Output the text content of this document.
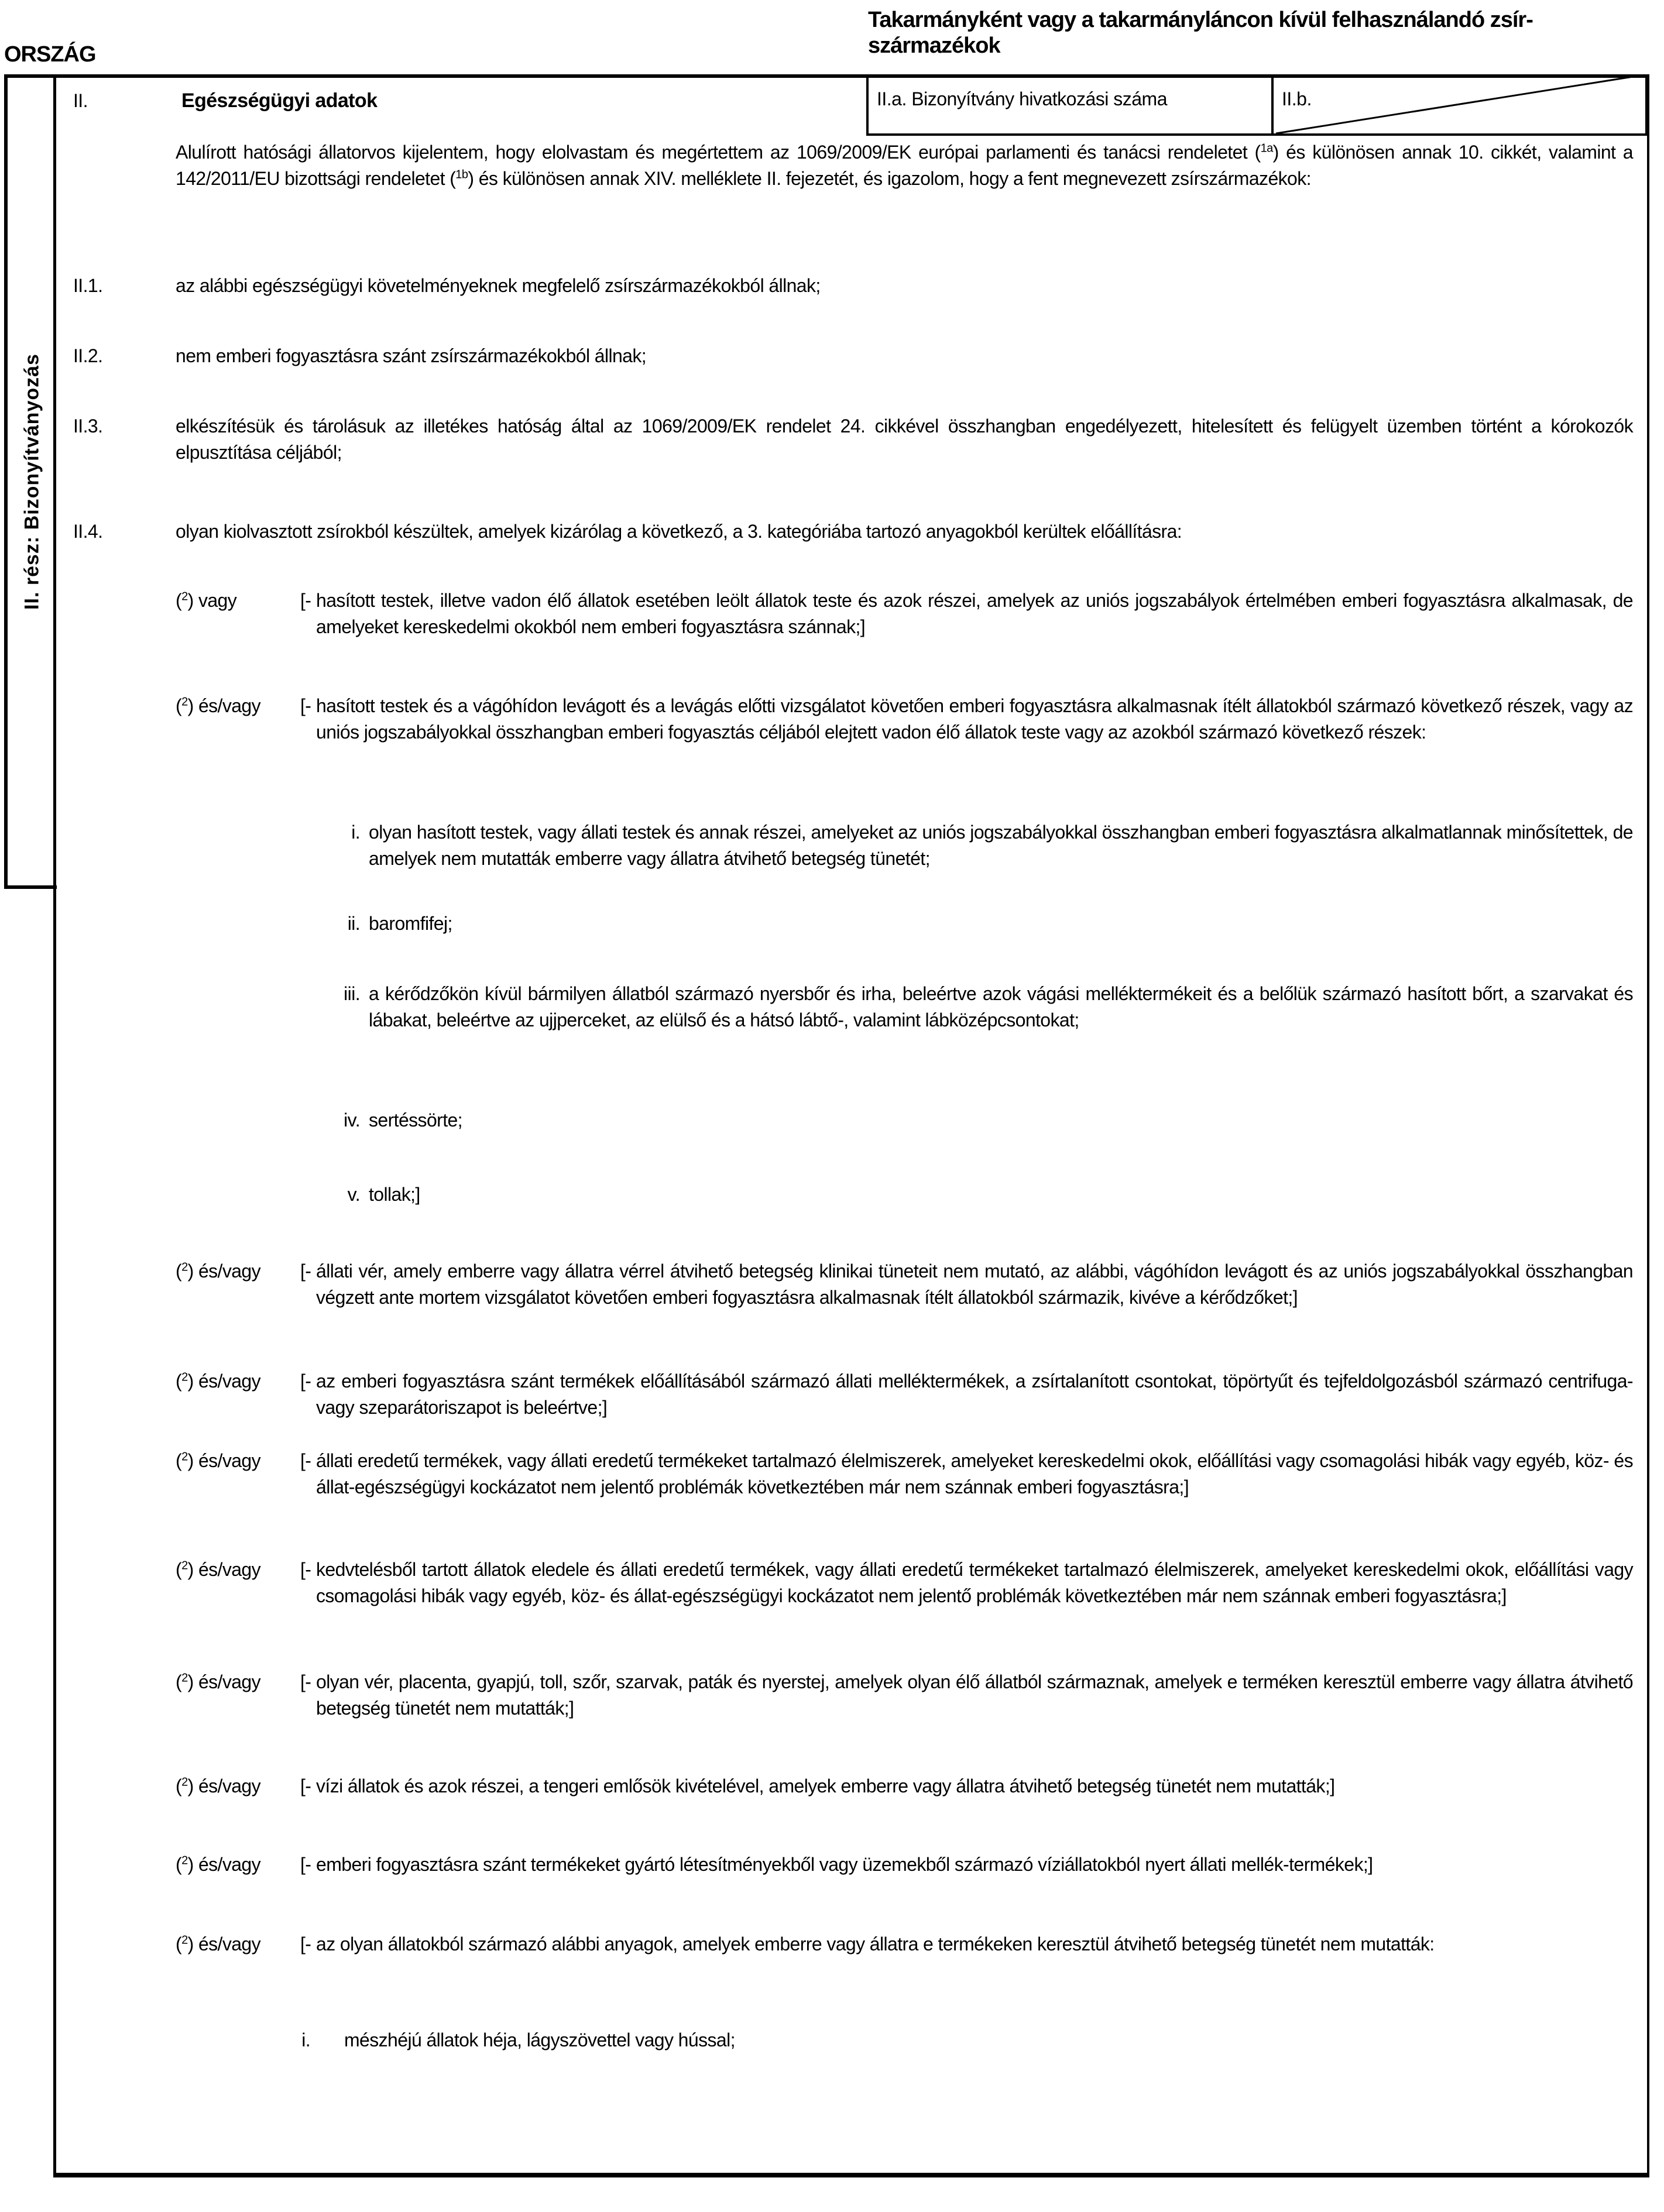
ORSZÁG
Takarmányként vagy a takarmányláncon kívül felhasználandó zsír-származékok
II. rész: Bizonyítványozás
II.	Egészségügyi adatok	II.a. Bizonyítvány hivatkozási száma	II.b.
Alulírott hatósági állatorvos kijelentem, hogy elolvastam és megértettem az 1069/2009/EK európai parlamenti és tanácsi rendeletet ($^{1a}$) és különösen annak 10. cikkét, valamint a 142/2011/EU bizottsági rendeletet ($^{1b}$) és különösen annak XIV. melléklete II. fejezetét, és igazolom, hogy a fent megnevezett zsírszármazékok:
II.1.	az alábbi egészségügyi követelményeknek megfelelő zsírszármazékokból állnak;
II.2.	nem emberi fogyasztásra szánt zsírszármazékokból állnak;
II.3.	elkészítésük és tárolásuk az illetékes hatóság által az 1069/2009/EK rendelet 24. cikkével összhangban engedélyezett, hitelesített és felügyelt üzemben történt a kórokozók elpusztítása céljából;
II.4.	olyan kiolvasztott zsírokból készültek, amelyek kizárólag a következő, a 3. kategóriába tartozó anyagokból kerültek előállításra:
($^2$) vagy	[- hasított testek, illetve vadon élő állatok esetében leölt állatok teste és azok részei, amelyek az uniós jogszabályok értelmében emberi fogyasztásra alkalmasak, de amelyeket kereskedelmi okokból nem emberi fogyasztásra szánnak;]
($^2$) és/vagy [- hasított testek és a vágóhídon levágott és a levágás előtti vizsgálatot követően emberi fogyasztásra alkalmasnak ítélt állatokból származó következő részek, vagy az uniós jogszabályokkal összhangban emberi fogyasztás céljából elejtett vadon élő állatok teste vagy az azokból származó következő részek:
i. olyan hasított testek, vagy állati testek és annak részei, amelyeket az uniós jogszabályokkal összhangban emberi fogyasztásra alkalmatlannak minősítettek, de amelyek nem mutatták emberre vagy állatra átvihető betegség tünetét;
ii. baromfifej;
iii. a kérődzőkön kívül bármilyen állatból származó nyersbőr és irha, beleértve azok vágási melléktermékeit és a belőlük származó hasított bőrt, a szarvakat és lábakat, beleértve az ujjperceket, az elülső és a hátsó lábtő-, valamint lábközépcsontokat;
iv. sertéssörte;
v. tollak;]
($^2$) és/vagy [- állati vér, amely emberre vagy állatra vérrel átvihető betegség klinikai tüneteit nem mutató, az alábbi, vágóhídon levágott és az uniós jogszabályokkal összhangban végzett ante mortem vizsgálatot követően emberi fogyasztásra alkalmasnak ítélt állatokból származik, kivéve a kérődzőket;]
($^2$) és/vagy [- az emberi fogyasztásra szánt termékek előállításából származó állati melléktermékek, a zsírtalanított csontokat, töpörtyűt és tejfeldolgozásból származó centrifuga- vagy szeparátoriszapot is beleértve;]
($^2$) és/vagy [- állati eredetű termékek, vagy állati eredetű termékeket tartalmazó élelmiszerek, amelyeket kereskedelmi okok, előállítási vagy csomagolási hibák vagy egyéb, köz- és állat-egészségügyi kockázatot nem jelentő problémák következtében már nem szánnak emberi fogyasztásra;]
($^2$) és/vagy [- kedvtelésből tartott állatok eledele és állati eredetű termékek, vagy állati eredetű termékeket tartalmazó élelmiszerek, amelyeket kereskedelmi okok, előállítási vagy csomagolási hibák vagy egyéb, köz- és állat-egészségügyi kockázatot nem jelentő problémák következtében már nem szánnak emberi fogyasztásra;]
($^2$) és/vagy [- olyan vér, placenta, gyapjú, toll, szőr, szarvak, paták és nyerstej, amelyek olyan élő állatból származnak, amelyek e terméken keresztül emberre vagy állatra átvihető betegség tünetét nem mutatták;]
($^2$) és/vagy [- vízi állatok és azok részei, a tengeri emlősök kivételével, amelyek emberre vagy állatra átvihető betegség tünetét nem mutatták;]
($^2$) és/vagy [- emberi fogyasztásra szánt termékeket gyártó létesítményekből vagy üzemekből származó víziállatokból nyert állati mellék-termékek;]
($^2$) és/vagy [- az olyan állatokból származó alábbi anyagok, amelyek emberre vagy állatra e termékeken keresztül átvihető betegség tünetét nem mutatták:
i. mészhéjú állatok héja, lágyszövettel vagy hússal;
